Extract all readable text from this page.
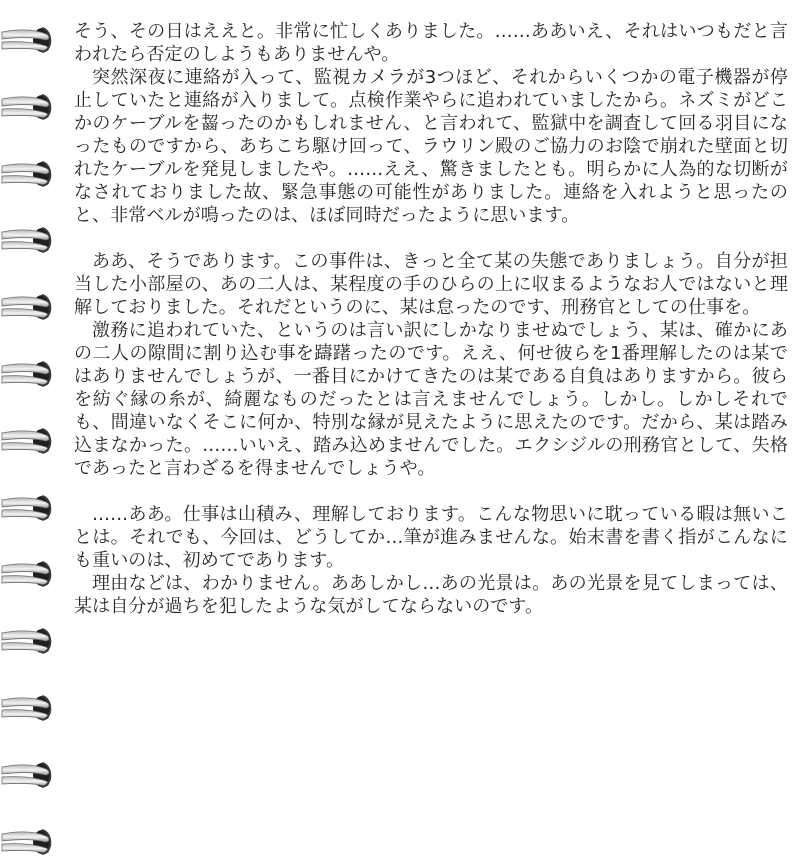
そう、その日はええと。非常に忙しくありました。……ああいえ、それはいつもだと言われたら否定のしようもありませんや。

突然深夜に連絡が入って、監視カメラが3つほど、それからいくつかの電子機器が停止していたと連絡が入りまして。点検作業やらに追われていましたから。ネズミがどこかのケーブルを齧ったのかもしれません、と言われて、監獄中を調査して回る羽目になったものですから、あちこち駆け回って、ラウリン殿のご協力のお陰で崩れた壁面と切れたケーブルを発見しましたや。……ええ、驚きましたとも。明らかに人為的な切断がなされておりました故、緊急事態の可能性がありました。連絡を入れようと思ったのと、非常ベルが鳴ったのは、ほぼ同時だったように思います。

ああ、そうであります。この事件は、きっと全て某の失態でありましょう。自分が担当した小部屋の、あの二人は、某程度の手のひらの上に収まるようなお人ではないと理解しておりました。それだというのに、某は怠ったのです、刑務官としての仕事を。

激務に追われていた、というのは言い訳にしかなりませぬでしょう、某は、確かにあの二人の隙間に割り込む事を躊躇ったのです。ええ、何せ彼らを1番理解したのは某ではありませんでしょうが、一番目にかけてきたのは某である自負はありますから。彼らを紡ぐ縁の糸が、綺麗なものだったとは言えませんでしょう。しかし。しかしそれでも、間違いなくそこに何か、特別な縁が見えたように思えたのです。だから、某は踏み込まなかった。……いいえ、踏み込めませんでした。エクシジルの刑務官として、失格であったと言わざるを得ませんでしょうや。

……ああ。仕事は山積み、理解しております。こんな物思いに耽っている暇は無いことは。それでも、今回は、どうしてか…筆が進みませんな。始末書を書く指がこんなにも重いのは、初めてであります。

理由などは、わかりません。ああしかし…あの光景は。あの光景を見てしまっては、某は自分が過ちを犯したような気がしてならないのです。
